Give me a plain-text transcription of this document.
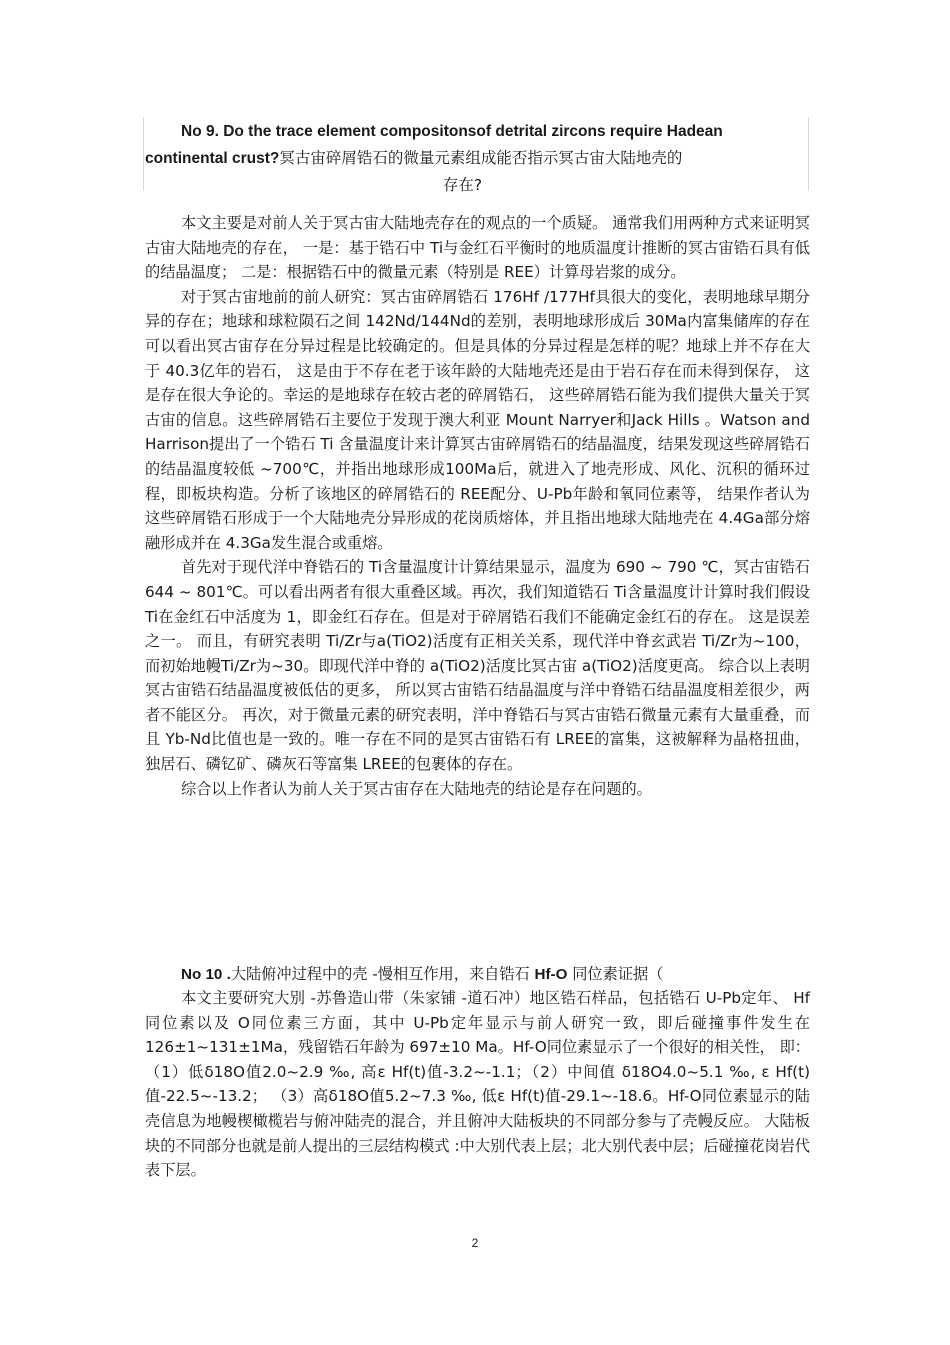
No 9. Do the trace element compositonsof detrital zircons require Hadean
continental crust?冥古宙碎屑锆石的微量元素组成能否指示冥古宙大陆地壳的
存在?

本文主要是对前人关于冥古宙大陆地壳存在的观点的一个质疑。 通常我们用两种方式来证明冥古宙大陆地壳的存在， 一是：基于锆石中 Ti与金红石平衡时的地质温度计推断的冥古宙锆石具有低的结晶温度； 二是：根据锆石中的微量元素（特别是 REE）计算母岩浆的成分。

对于冥古宙地前的前人研究：冥古宙碎屑锆石 176Hf /177Hf具很大的变化，表明地球早期分异的存在；地球和球粒陨石之间 142Nd/144Nd的差别，表明地球形成后 30Ma内富集储库的存在可以看出冥古宙存在分异过程是比较确定的。但是具体的分异过程是怎样的呢？地球上并不存在大于 40.3亿年的岩石， 这是由于不存在老于该年龄的大陆地壳还是由于岩石存在而未得到保存， 这是存在很大争论的。幸运的是地球存在较古老的碎屑锆石， 这些碎屑锆石能为我们提供大量关于冥古宙的信息。这些碎屑锆石主要位于发现于澳大利亚 Mount Narryer和Jack Hills 。Watson and Harrison提出了一个锆石 Ti 含量温度计来计算冥古宙碎屑锆石的结晶温度，结果发现这些碎屑锆石的结晶温度较低 ~700℃，并指出地球形成100Ma后，就进入了地壳形成、风化、沉积的循环过程，即板块构造。分析了该地区的碎屑锆石的 REE配分、U-Pb年龄和氧同位素等， 结果作者认为这些碎屑锆石形成于一个大陆地壳分异形成的花岗质熔体，并且指出地球大陆地壳在 4.4Ga部分熔融形成并在 4.3Ga发生混合或重熔。

首先对于现代洋中脊锆石的 Ti含量温度计计算结果显示，温度为 690 ~ 790 ℃，冥古宙锆石 644 ~ 801℃。可以看出两者有很大重叠区域。再次，我们知道锆石 Ti含量温度计计算时我们假设 Ti在金红石中活度为 1，即金红石存在。但是对于碎屑锆石我们不能确定金红石的存在。 这是误差之一。 而且，有研究表明 Ti/Zr与a(TiO2)活度有正相关关系，现代洋中脊玄武岩 Ti/Zr为~100，而初始地幔Ti/Zr为~30。即现代洋中脊的 a(TiO2)活度比冥古宙 a(TiO2)活度更高。 综合以上表明冥古宙锆石结晶温度被低估的更多， 所以冥古宙锆石结晶温度与洋中脊锆石结晶温度相差很少，两者不能区分。 再次，对于微量元素的研究表明，洋中脊锆石与冥古宙锆石微量元素有大量重叠，而且 Yb-Nd比值也是一致的。唯一存在不同的是冥古宙锆石有 LREE的富集，这被解释为晶格扭曲，独居石、磷钇矿、磷灰石等富集 LREE的包裹体的存在。

综合以上作者认为前人关于冥古宙存在大陆地壳的结论是存在问题的。

No 10 .大陆俯冲过程中的壳 -慢相互作用，来自锆石 Hf-O 同位素证据（

本文主要研究大别 -苏鲁造山带（朱家铺 -道石冲）地区锆石样品，包括锆石 U-Pb定年、 Hf同位素以及 O同位素三方面，其中 U-Pb定年显示与前人研究一致，即后碰撞事件发生在 126±1~131±1Ma，残留锆石年龄为 697±10 Ma。Hf-O同位素显示了一个很好的相关性， 即：（1）低δ18O值2.0~2.9 ‰, 高ε Hf(t)值-3.2~-1.1；（2）中间值 δ18O4.0~5.1 ‰, ε Hf(t)值-22.5~-13.2； （3）高δ18O值5.2~7.3 ‰, 低ε Hf(t)值-29.1~-18.6。Hf-O同位素显示的陆壳信息为地幔楔橄榄岩与俯冲陆壳的混合，并且俯冲大陆板块的不同部分参与了壳幔反应。 大陆板块的不同部分也就是前人提出的三层结构模式 :中大别代表上层；北大别代表中层；后碰撞花岗岩代表下层。

2
